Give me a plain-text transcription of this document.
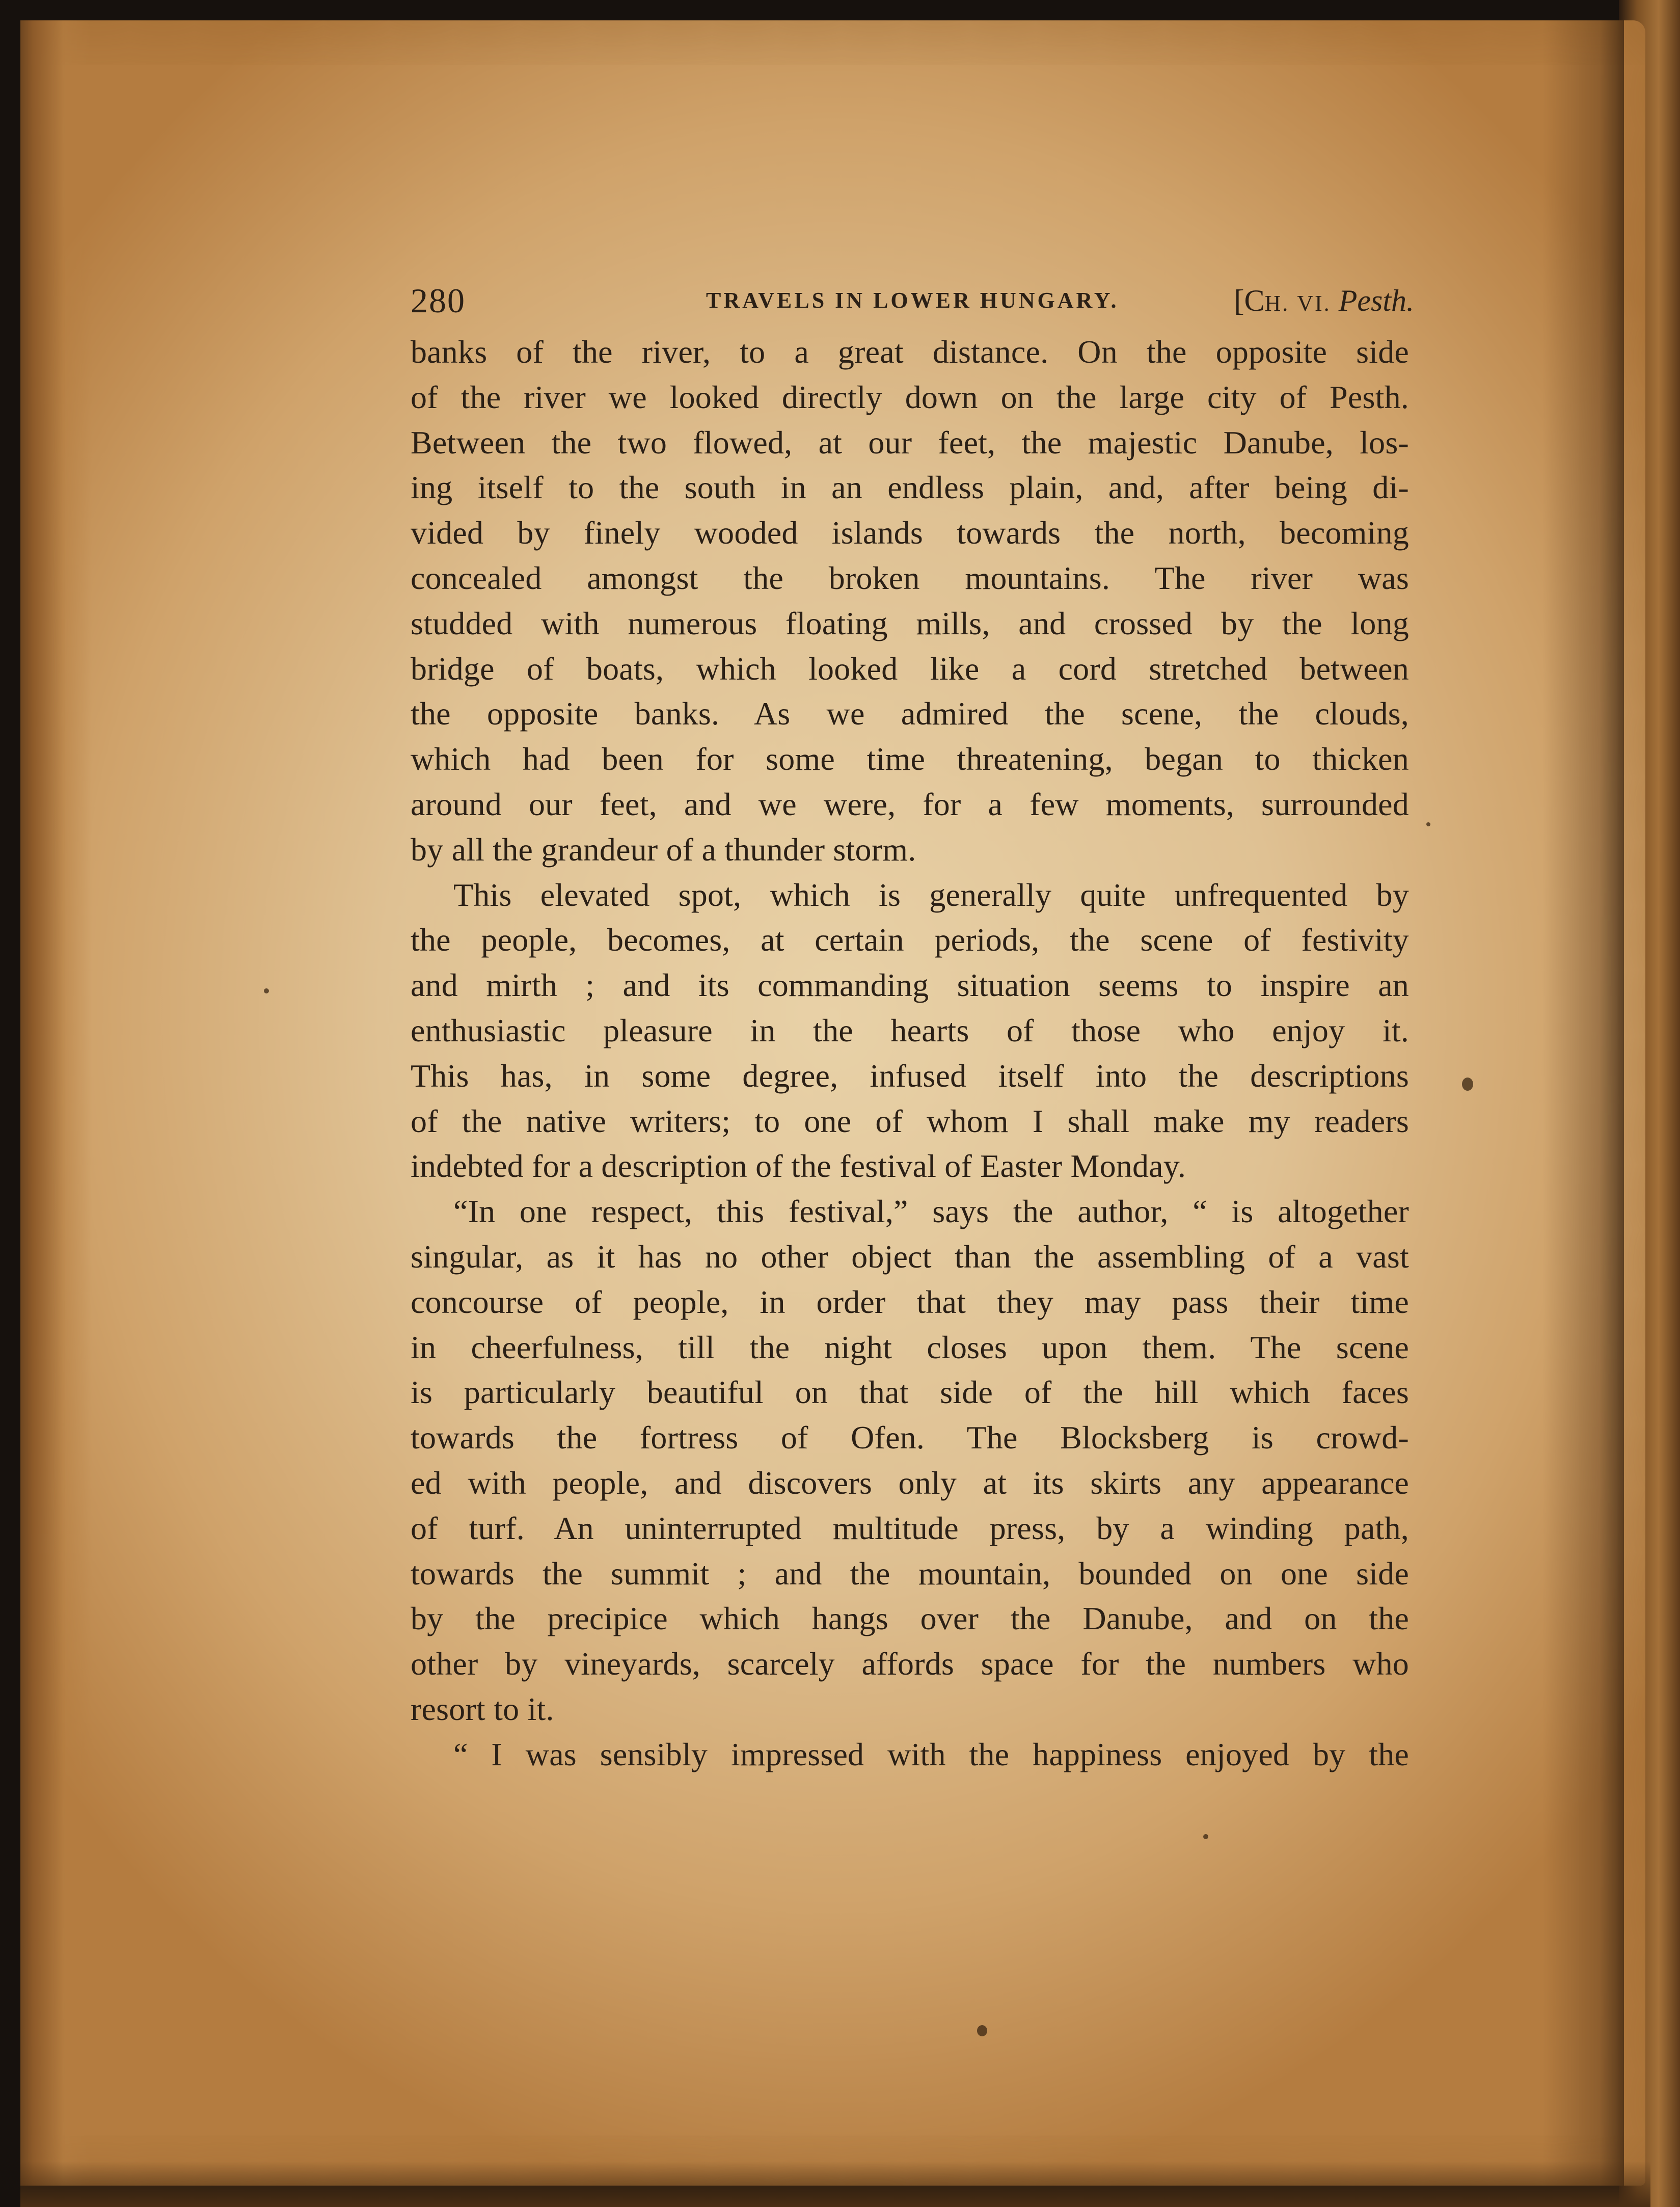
280	TRAVELS IN LOWER HUNGARY.	[CH. VI. Pesth.
banks of the river, to a great distance. On the opposite side
of the river we looked directly down on the large city of Pesth.
Between the two flowed, at our feet, the majestic Danube, los-
ing itself to the south in an endless plain, and, after being di-
vided by finely wooded islands towards the north, becoming
concealed amongst the broken mountains. The river was
studded with numerous floating mills, and crossed by the long
bridge of boats, which looked like a cord stretched between
the opposite banks. As we admired the scene, the clouds,
which had been for some time threatening, began to thicken
around our feet, and we were, for a few moments, surrounded
by all the grandeur of a thunder storm.
This elevated spot, which is generally quite unfrequented by
the people, becomes, at certain periods, the scene of festivity
and mirth ; and its commanding situation seems to inspire an
enthusiastic pleasure in the hearts of those who enjoy it.
This has, in some degree, infused itself into the descriptions
of the native writers; to one of whom I shall make my readers
indebted for a description of the festival of Easter Monday.
“In one respect, this festival,” says the author, “ is altogether
singular, as it has no other object than the assembling of a vast
concourse of people, in order that they may pass their time
in cheerfulness, till the night closes upon them. The scene
is particularly beautiful on that side of the hill which faces
towards the fortress of Ofen. The Blocksberg is crowd-
ed with people, and discovers only at its skirts any appearance
of turf. An uninterrupted multitude press, by a winding path,
towards the summit ; and the mountain, bounded on one side
by the precipice which hangs over the Danube, and on the
other by vineyards, scarcely affords space for the numbers who
resort to it.
“ I was sensibly impressed with the happiness enjoyed by the
